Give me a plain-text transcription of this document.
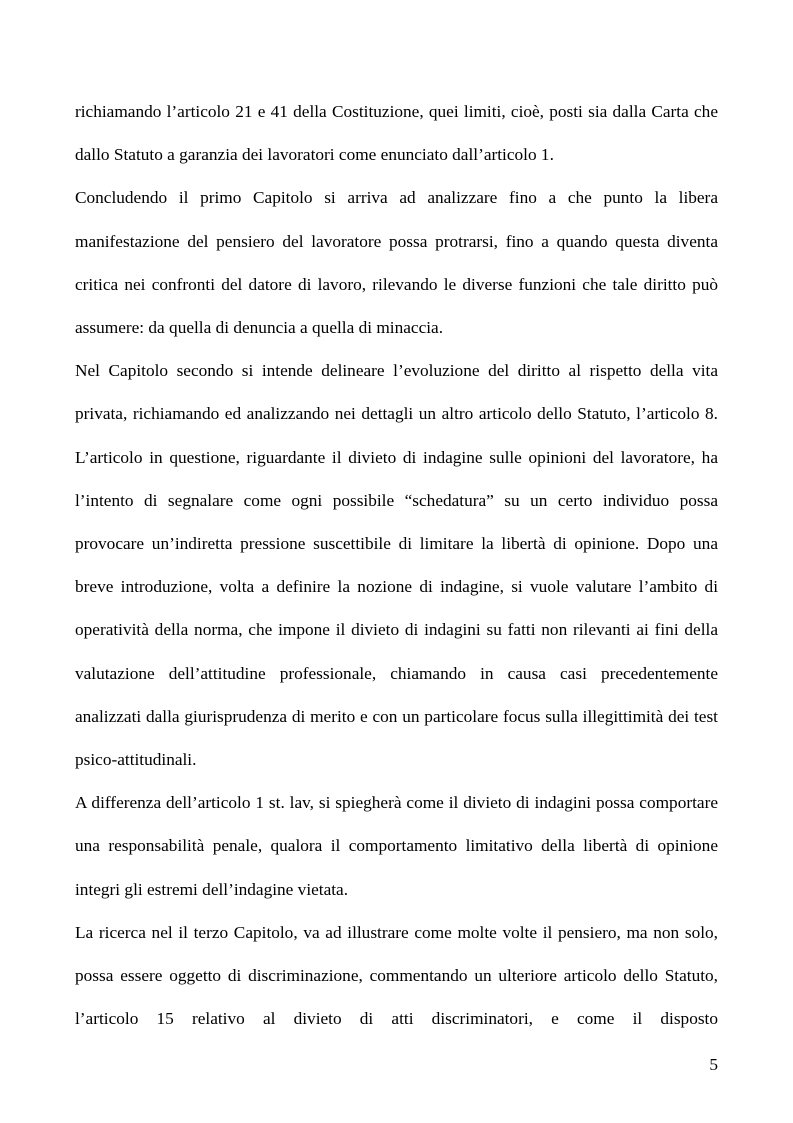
richiamando l’articolo 21 e 41 della Costituzione, quei limiti, cioè, posti sia dalla Carta che dallo Statuto a garanzia dei lavoratori come enunciato dall’articolo 1.

Concludendo il primo Capitolo si arriva ad analizzare fino a che punto la libera manifestazione del pensiero del lavoratore possa protrarsi, fino a quando questa diventa critica nei confronti del datore di lavoro, rilevando le diverse funzioni che tale diritto può assumere: da quella di denuncia a quella di minaccia.

Nel Capitolo secondo si intende delineare l’evoluzione del diritto al rispetto della vita privata, richiamando ed analizzando nei dettagli un altro articolo dello Statuto, l’articolo 8. L’articolo in questione, riguardante il divieto di indagine sulle opinioni del lavoratore, ha l’intento di segnalare come ogni possibile “schedatura” su un certo individuo possa provocare un’indiretta pressione suscettibile di limitare la libertà di opinione. Dopo una breve introduzione, volta a definire la nozione di indagine, si vuole valutare l’ambito di operatività della norma, che impone il divieto di indagini su fatti non rilevanti ai fini della valutazione dell’attitudine professionale, chiamando in causa casi precedentemente analizzati dalla giurisprudenza di merito e con un particolare focus sulla illegittimità dei test psico-attitudinali.

A differenza dell’articolo 1 st. lav, si spiegherà come il divieto di indagini possa comportare una responsabilità penale, qualora il comportamento limitativo della libertà di opinione integri gli estremi dell’indagine vietata.

La ricerca nel il terzo Capitolo, va ad illustrare come molte volte il pensiero, ma non solo, possa essere oggetto di discriminazione, commentando un ulteriore articolo dello Statuto, l’articolo 15 relativo al divieto di atti discriminatori, e come il disposto

5
